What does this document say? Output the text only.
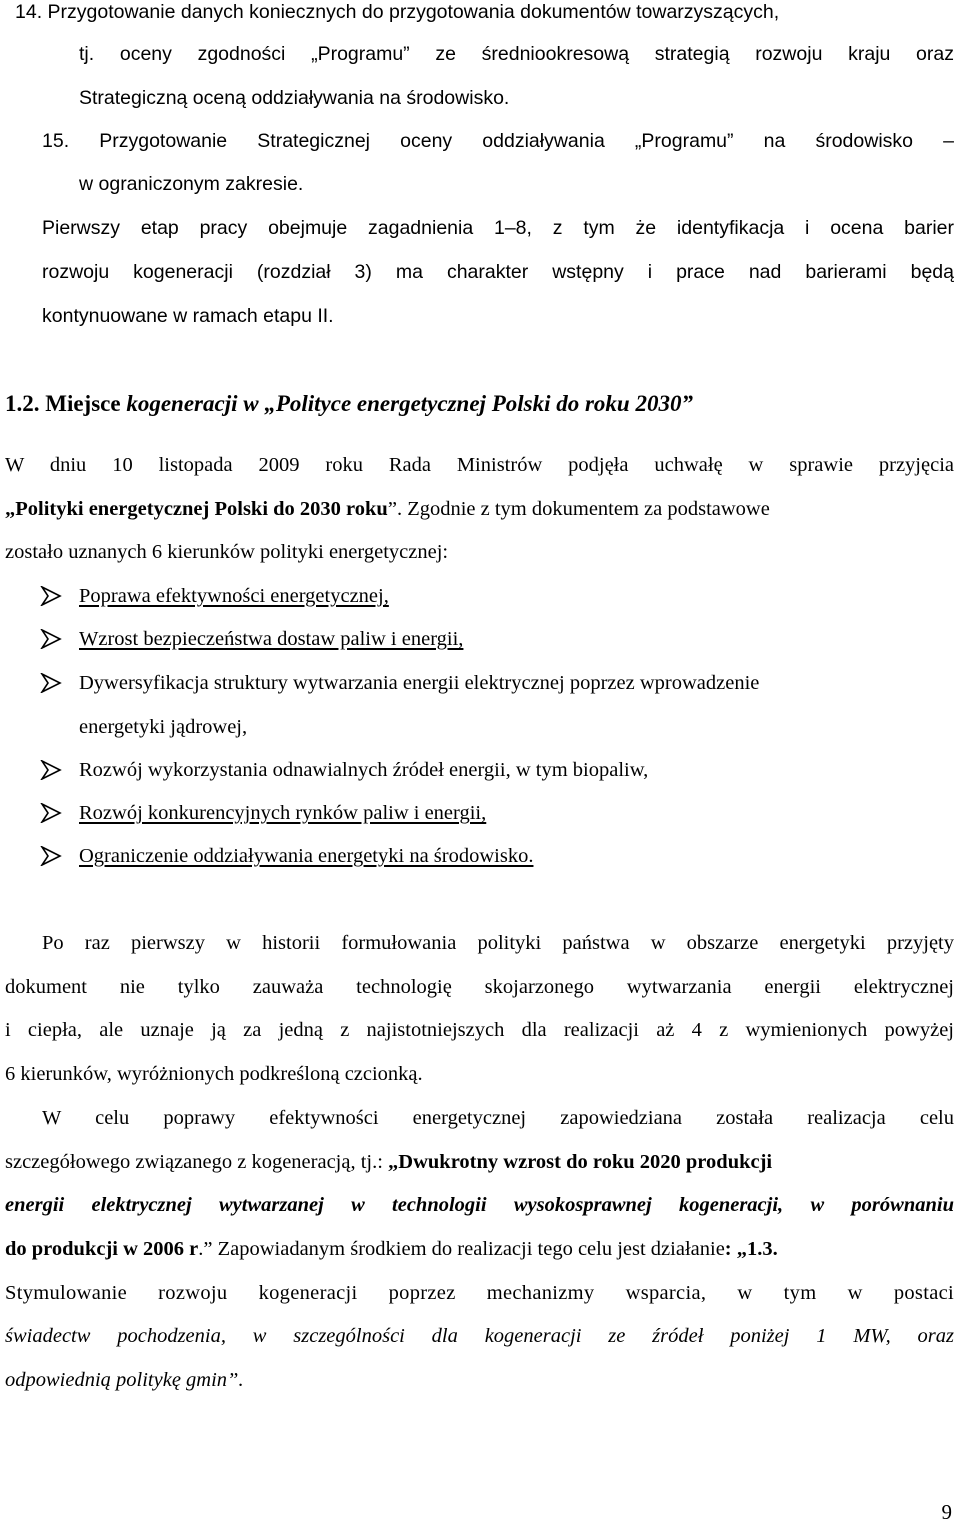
14. Przygotowanie danych koniecznych do przygotowania dokumentów towarzyszących,
tj. oceny zgodności „Programu” ze średniookresową strategią rozwoju kraju oraz
Strategiczną oceną oddziaływania na środowisko.
15. Przygotowanie Strategicznej oceny oddziaływania „Programu” na środowisko –
w ograniczonym zakresie.
Pierwszy etap pracy obejmuje zagadnienia 1–8, z tym że identyfikacja i ocena barier
rozwoju kogeneracji (rozdział 3) ma charakter wstępny i prace nad barierami będą
kontynuowane w ramach etapu II.
1.2. Miejsce kogeneracji w „Polityce energetycznej Polski do roku 2030”
W dniu 10 listopada 2009 roku Rada Ministrów podjęła uchwałę w sprawie przyjęcia
„Polityki energetycznej Polski do 2030 roku”. Zgodnie z tym dokumentem za podstawowe
zostało uznanych 6 kierunków polityki energetycznej:
Poprawa efektywności energetycznej,
Wzrost bezpieczeństwa dostaw paliw i energii,
Dywersyfikacja struktury wytwarzania energii elektrycznej poprzez wprowadzenie
energetyki jądrowej,
Rozwój wykorzystania odnawialnych źródeł energii, w tym biopaliw,
Rozwój konkurencyjnych rynków paliw i energii,
Ograniczenie oddziaływania energetyki na środowisko.
Po raz pierwszy w historii formułowania polityki państwa w obszarze energetyki przyjęty
dokument nie tylko zauważa technologię skojarzonego wytwarzania energii elektrycznej
i ciepła, ale uznaje ją za jedną z najistotniejszych dla realizacji aż 4 z wymienionych powyżej
6 kierunków, wyróżnionych podkreśloną czcionką.
W celu poprawy efektywności energetycznej zapowiedziana została realizacja celu
szczegółowego związanego z kogeneracją, tj.: „Dwukrotny wzrost do roku 2020 produkcji
energii elektrycznej wytwarzanej w technologii wysokosprawnej kogeneracji, w porównaniu
do produkcji w 2006 r.” Zapowiadanym środkiem do realizacji tego celu jest działanie: „1.3.
Stymulowanie rozwoju kogeneracji poprzez mechanizmy wsparcia, w tym w postaci
świadectw pochodzenia, w szczególności dla kogeneracji ze źródeł poniżej 1 MW, oraz
odpowiednią politykę gmin”.
9
